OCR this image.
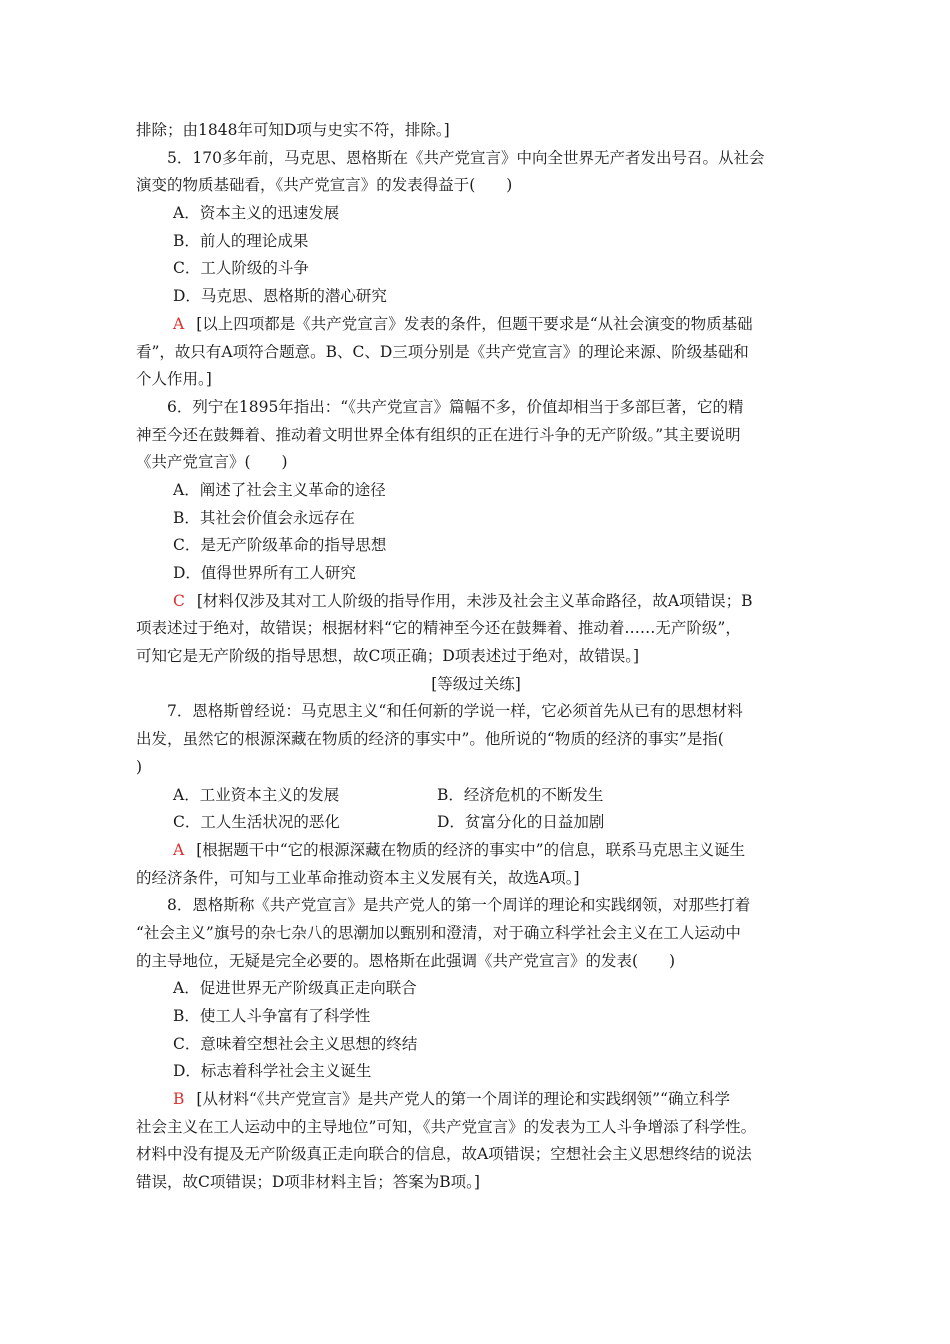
排除；由1848年可知D项与史实不符，排除。]
5．170多年前，马克思、恩格斯在《共产党宣言》中向全世界无产者发出号召。从社会
演变的物质基础看，《共产党宣言》的发表得益于(　　)
A．资本主义的迅速发展
B．前人的理论成果
C．工人阶级的斗争
D．马克思、恩格斯的潜心研究
A [以上四项都是《共产党宣言》发表的条件，但题干要求是“从社会演变的物质基础
看”，故只有A项符合题意。B、C、D三项分别是《共产党宣言》的理论来源、阶级基础和
个人作用。]
6．列宁在1895年指出：“《共产党宣言》篇幅不多，价值却相当于多部巨著，它的精
神至今还在鼓舞着、推动着文明世界全体有组织的正在进行斗争的无产阶级。”其主要说明
《共产党宣言》(　　)
A．阐述了社会主义革命的途径
B．其社会价值会永远存在
C．是无产阶级革命的指导思想
D．值得世界所有工人研究
C [材料仅涉及其对工人阶级的指导作用，未涉及社会主义革命路径，故A项错误；B
项表述过于绝对，故错误；根据材料“它的精神至今还在鼓舞着、推动着……无产阶级”，
可知它是无产阶级的指导思想，故C项正确；D项表述过于绝对，故错误。]
[等级过关练]
7．恩格斯曾经说：马克思主义“和任何新的学说一样，它必须首先从已有的思想材料
出发，虽然它的根源深藏在物质的经济的事实中”。他所说的“物质的经济的事实”是指(
)
A．工业资本主义的发展	B．经济危机的不断发生
C．工人生活状况的恶化	D．贫富分化的日益加剧
A [根据题干中“它的根源深藏在物质的经济的事实中”的信息，联系马克思主义诞生
的经济条件，可知与工业革命推动资本主义发展有关，故选A项。]
8．恩格斯称《共产党宣言》是共产党人的第一个周详的理论和实践纲领，对那些打着
“社会主义”旗号的杂七杂八的思潮加以甄别和澄清，对于确立科学社会主义在工人运动中
的主导地位，无疑是完全必要的。恩格斯在此强调《共产党宣言》的发表(　　)
A．促进世界无产阶级真正走向联合
B．使工人斗争富有了科学性
C．意味着空想社会主义思想的终结
D．标志着科学社会主义诞生
B [从材料“《共产党宣言》是共产党人的第一个周详的理论和实践纲领”“确立科学
社会主义在工人运动中的主导地位”可知，《共产党宣言》的发表为工人斗争增添了科学性。
材料中没有提及无产阶级真正走向联合的信息，故A项错误；空想社会主义思想终结的说法
错误，故C项错误；D项非材料主旨；答案为B项。]
